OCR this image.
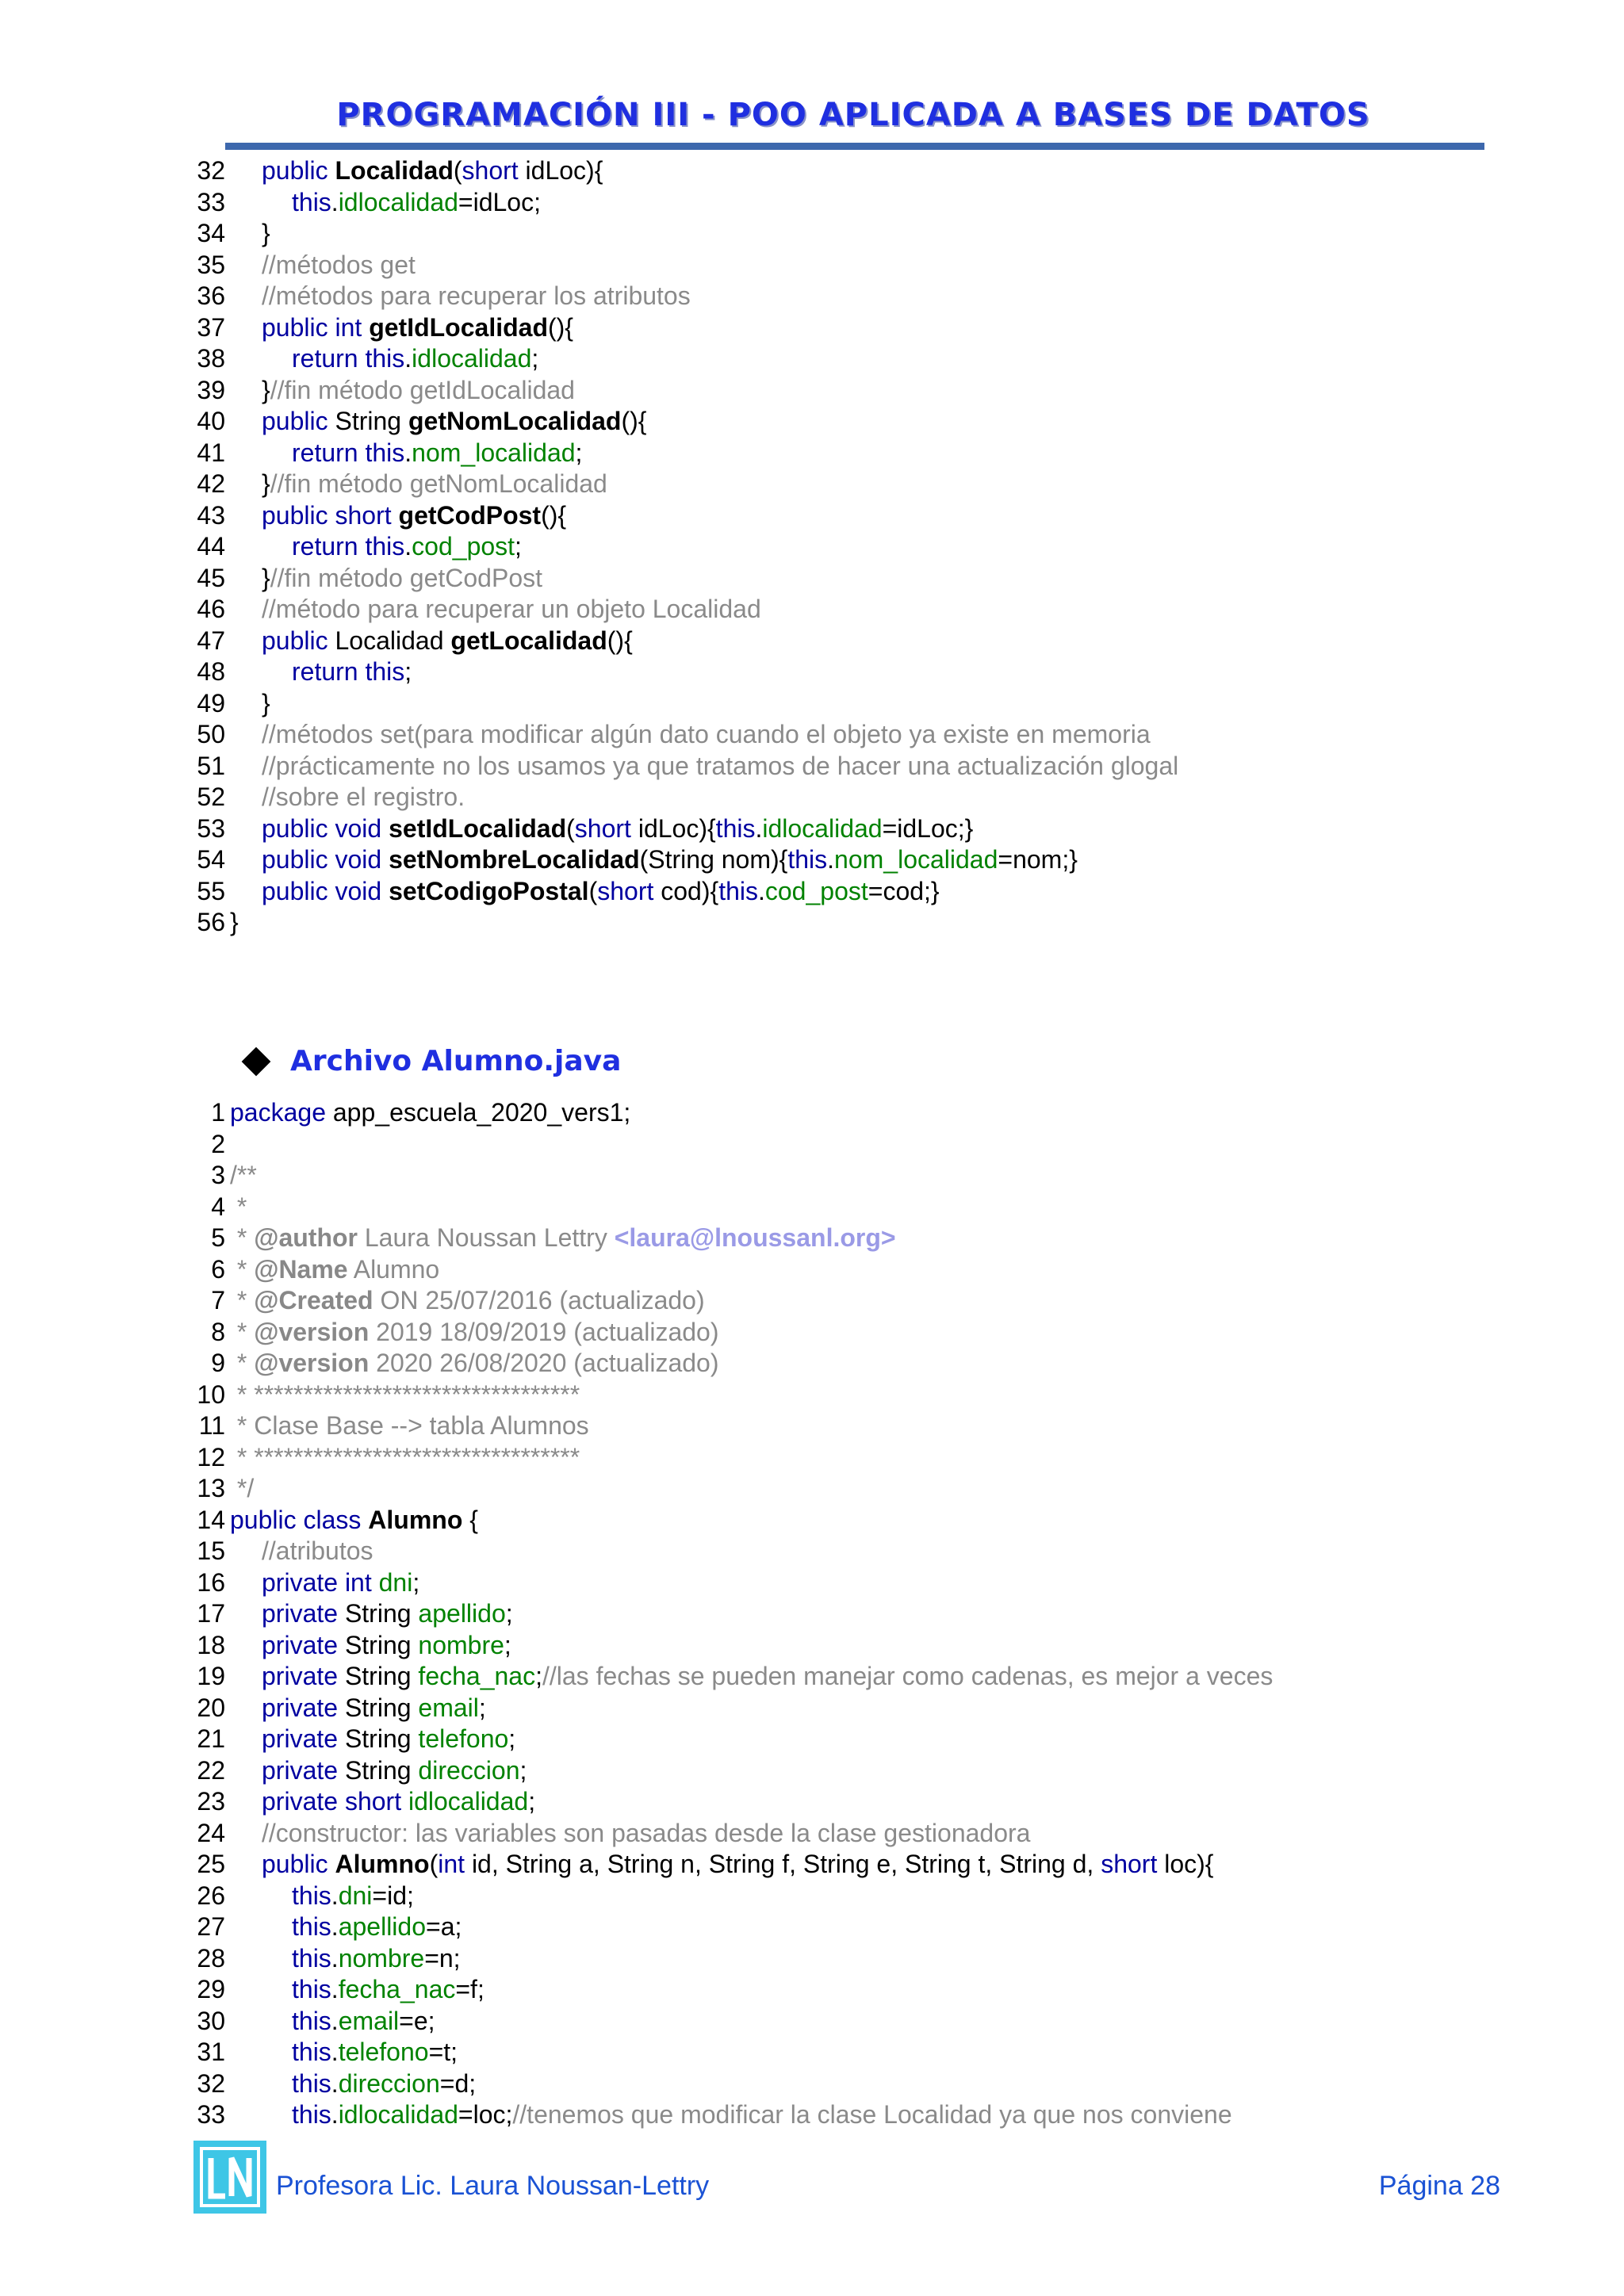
PROGRAMACIÓN III - POO APLICADA A BASES DE DATOS
32 public Localidad(short idLoc){
33	this.idlocalidad=idLoc;
34 }
35 //métodos get
36 //métodos para recuperar los atributos
37 public int getIdLocalidad(){
38	return this.idlocalidad;
39 }//fin método getIdLocalidad
40 public String getNomLocalidad(){
41	return this.nom_localidad;
42 }//fin método getNomLocalidad
43 public short getCodPost(){
44	return this.cod_post;
45 }//fin método getCodPost
46 //método para recuperar un objeto Localidad
47 public Localidad getLocalidad(){
48	return this;
49 }
50 //métodos set(para modificar algún dato cuando el objeto ya existe en memoria
51 //prácticamente no los usamos ya que tratamos de hacer una actualización glogal
52 //sobre el registro.
53 public void setIdLocalidad(short idLoc){this.idlocalidad=idLoc;}
54 public void setNombreLocalidad(String nom){this.nom_localidad=nom;}
55 public void setCodigoPostal(short cod){this.cod_post=cod;}
56 }
Archivo Alumno.java
1 package app_escuela_2020_vers1;
2
3 /**
4 *
5 * @author Laura Noussan Lettry <laura@lnoussanl.org>
6 * @Name Alumno
7 * @Created ON 25/07/2016 (actualizado)
8 * @version 2019 18/09/2019 (actualizado)
9 * @version 2020 26/08/2020 (actualizado)
10 * *********************************
11 * Clase Base --> tabla Alumnos
12 * *********************************
13 */
14 public class Alumno {
15 //atributos
16 private int dni;
17 private String apellido;
18 private String nombre;
19 private String fecha_nac;//las fechas se pueden manejar como cadenas, es mejor a veces
20 private String email;
21 private String telefono;
22 private String direccion;
23 private short idlocalidad;
24 //constructor: las variables son pasadas desde la clase gestionadora
25 public Alumno(int id, String a, String n, String f, String e, String t, String d, short loc){
26	this.dni=id;
27	this.apellido=a;
28	this.nombre=n;
29	this.fecha_nac=f;
30	this.email=e;
31	this.telefono=t;
32	this.direccion=d;
33	this.idlocalidad=loc;//tenemos que modificar la clase Localidad ya que nos conviene
Profesora Lic. Laura Noussan-Lettry	Página 28
